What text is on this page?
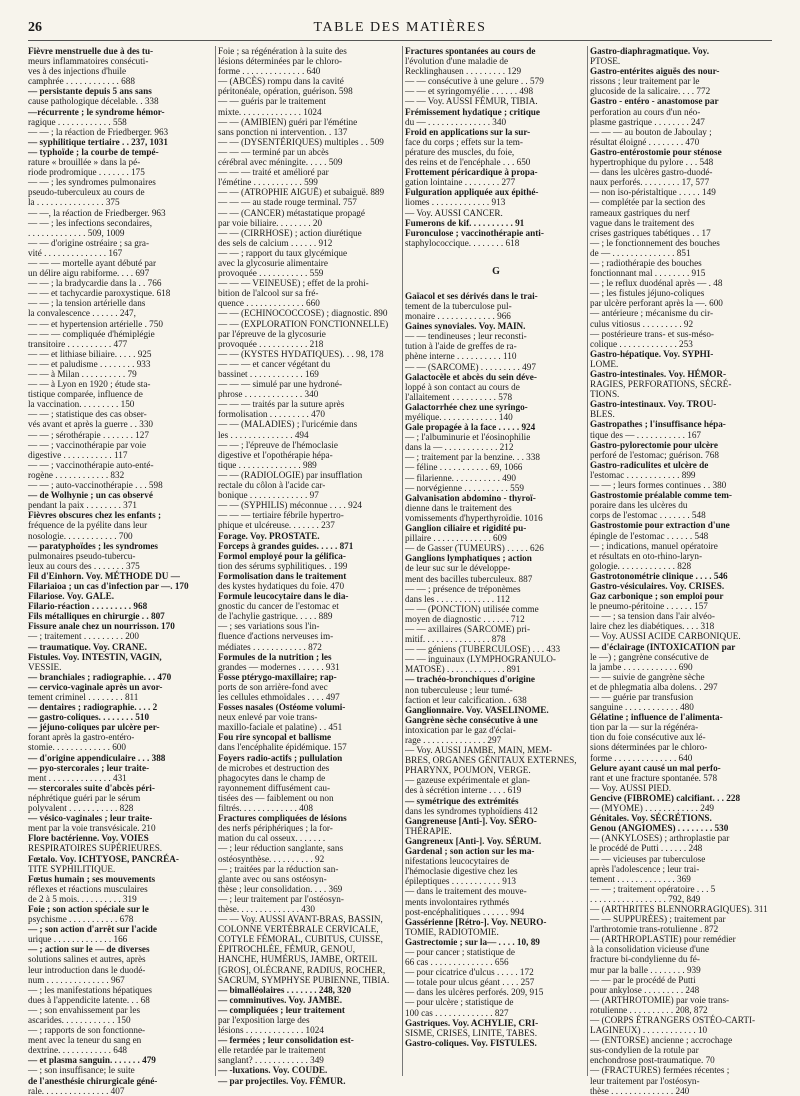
26	TABLE DES MATIÈRES
Fièvre menstruelle due à des tu-
meurs inflammatoires consécuti-
ves à des injections d'huile
camphrée . . . . . . . . . . . . 688
— persistante depuis 5 ans sans
cause pathologique décelable. . 338
—récurrente ; le syndrome hémor-
ragique . . . . . . . . . . . . 558
— — ; la réaction de Friedberger. 963
— syphilitique tertiaire . . 237, 1031
— typhoïde ; la courbe de tempé-
rature « brouillée » dans la pé-
riode prodromique . . . . . . . 175
— — ; les syndromes pulmonaires
pseudo-tuberculeux au cours de
la . . . . . . . . . . . . . . . 375
— —, la réaction de Friedberger. 963
— — ; les infections secondaires,
. . . . . . . . . . . . . 509, 1009
— — d'origine ostréaire ; sa gra-
vité . . . . . . . . . . . . . . 167
— — — mortelle ayant débuté par
un délire aigu rabiforme. . . . 697
— — ; la bradycardie dans la . . 766
— — et tachycardie paroxystique. 618
— — ; la tension artérielle dans
la convalescence . . . . . . 247,
— — et hypertension artérielle . 750
— — — compliquée d'hémiplégie
transitoire . . . . . . . . . . 477
— — et lithiase biliaire. . . . . 925
— — et paludisme . . . . . . . . 933
— — à Milan . . . . . . . . . . 79
— — à Lyon en 1920 ; étude sta-
tistique comparée, influence de
la vaccination. . . . . . . . . 150
— — ; statistique des cas obser-
vés avant et après la guerre . . 330
— — ; sérothérapie . . . . . . . 127
— — ; vaccinothérapie par voie
digestive . . . . . . . . . . . 117
— — ; vaccinothérapie auto-enté-
rogène . . . . . . . . . . . . 832
— — ; auto-vaccinothérapie . . . 598
— de Wolhynie ; un cas observé
pendant la paix . . . . . . . . 371
Fièvres obscures chez les enfants ;
fréquence de la pyélite dans leur
nosologie. . . . . . . . . . . . 700
— paratyphoïdes ; les syndromes
pulmonaires pseudo-tubercu-
leux au cours des . . . . . . . 375
Fil d'Einhorn. Voy. MÉTHODE DU —
Filariaioa ; un cas d'infection par —. 170
Filariose. Voy. GALE.
Filario-réaction . . . . . . . . . 968
Fils métalliques en chirurgie . . 807
Fissure anale chez un nourrisson. 170
— ; traitement . . . . . . . . . 200
— traumatique. Voy. CRANE.
Fistules. Voy. INTESTIN, VAGIN,
VESSIE.
— branchiales ; radiographie. . . 470
— cervico-vaginale après un avor-
tement criminel . . . . . . . . 811
— dentaires ; radiographie. . . . 2
— gastro-coliques. . . . . . . . 510
— jéjuno-coliques par ulcère per-
forant après la gastro-entéro-
stomie. . . . . . . . . . . . . 600
— d'origine appendiculaire . . . 388
— pyo-stercorales ; leur traite-
ment . . . . . . . . . . . . . . 431
— stercorales suite d'abcès péri-
néphrétique guéri par le sérum
polyvalent . . . . . . . . . . . 828
— vésico-vaginales ; leur traite-
ment par la voie transvésicale. 210
Flore bactérienne. Voy. VOIES
RESPIRATOIRES SUPÉRIEURES.
Fœtalo. Voy. ICHTYOSE, PANCRÉA-
TITE SYPHILITIQUE.
Fœtus humain ; ses mouvements
réflexes et réactions musculaires
de 2 à 5 mois. . . . . . . . . . 319
Foie ; son action spéciale sur le
psychisme . . . . . . . . . . . 678
— ; son action d'arrêt sur l'acide
urique . . . . . . . . . . . . . 166
— ; action sur le — de diverses
solutions salines et autres, après
leur introduction dans le duodé-
num . . . . . . . . . . . . . . 967
— ; les manifestations hépatiques
dues à l'appendicite latente. . . 68
— ; son envahissement par les
ascarides. . . . . . . . . . . . 150
— ; rapports de son fonctionne-
ment avec la teneur du sang en
dextrine. . . . . . . . . . . . 648
— et plasma sanguin. . . . . . . 479
— ; son insuffisance; le suite
de l'anesthésie chirurgicale géné-
rale. . . . . . . . . . . . . . . 407
Foie ; sa régénération à la suite des
lésions déterminées par le chloro-
forme . . . . . . . . . . . . . . 640
— (ABCÈS) rompu dans la cavité
péritonéale, opération, guérison. 598
— — guéris par le traitement
mixte. . . . . . . . . . . . . . 1024
— — (AMIBIEN) guéri par l'émétine
sans ponction ni intervention. . 137
— — (DYSENTÉRIQUES) multiples . . 509
— — — terminé par un abcès
cérébral avec méningite. . . . . 509
— — — traité et amélioré par
l'émétine . . . . . . . . . . . 599
— — (ATROPHIE AIGUË) et subaiguë. 889
— — — au stade rouge terminal. 757
— — (CANCER) métastatique propagé
par voie biliaire. . . . . . . . 20
— — (CIRRHOSE) ; action diurétique
des sels de calcium . . . . . . 912
— — ; rapport du taux glycémique
avec la glycosurie alimentaire
provoquée . . . . . . . . . . . 559
— — — VEINEUSE) ; effet de la prohi-
bition de l'alcool sur sa fré-
quence . . . . . . . . . . . . . 660
— — (ECHINOCOCCOSE) ; diagnostic. 890
— — (EXPLORATION FONCTIONNELLE)
par l'épreuve de la glycosurie
provoquée . . . . . . . . . . . 218
— — (KYSTES HYDATIQUES). . . 98, 178
— — — et cancer végétant du
bassinet . . . . . . . . . . . . 169
— — — simulé par une hydroné-
phrose . . . . . . . . . . . . . 340
— — — traités par la suture après
formolisation . . . . . . . . . 470
— — (MALADIES) ; l'uricémie dans
les . . . . . . . . . . . . . . 494
— — ; l'épreuve de l'hémoclasie
digestive et l'opothérapie hépa-
tique . . . . . . . . . . . . . . 989
— — (RADIOLOGIE) par insufflation
rectale du côlon à l'acide car-
bonique . . . . . . . . . . . . . 97
— — (SYPHILIS) méconnue . . . . 924
— — — tertiaire fébrile hypertro-
phique et ulcéreuse. . . . . . . 237
Forage. Voy. PROSTATE.
Forceps à grandes guides. . . . . 871
Formol employé pour la gélifica-
tion des sérums syphilitiques. . 199
Formolisation dans le traitement
des kystes hydatiques du foie. 470
Formule leucocytaire dans le dia-
gnostic du cancer de l'estomac et
de l'achylie gastrique. . . . . 889
— ; ses variations sous l'in-
fluence d'actions nerveuses im-
médiates . . . . . . . . . . . . 872
Formules de la nutrition ; les
grandes — modernes . . . . . . 931
Fosse ptérygo-maxillaire; rap-
ports de son arrière-fond avec
les cellules ethmoïdales . . . . 497
Fosses nasales (Ostéome volumi-
neux enlevé par voie trans-
maxillo-faciale et palatine) . . 451
Fou rire syncopal et ballisme
dans l'encéphalite épidémique. 157
Foyers radio-actifs ; pullulation
de microbes et destruction des
phagocytes dans le champ de
rayonnement diffusément cau-
tisées des — faiblement ou non
filtrés. . . . . . . . . . . . . 408
Fractures compliquées de lésions
des nerfs périphériques ; la for-
mation du cal osseux. . . . . . .
— ; leur réduction sanglante, sans
ostéosynthèse. . . . . . . . . . 92
— ; traitées par la réduction san-
glante avec ou sans ostéosyn-
thèse ; leur consolidation. . . . 369
— ; leur traitement par l'ostéosyn-
thèse. . . . . . . . . . . . . . 430
— — Voy. AUSSI AVANT-BRAS, BASSIN,
COLONNE VERTÉBRALE CERVICALE,
COTYLE FÉMORAL, CUBITUS, CUISSE,
ÉPITROCHLÉE, FÉMUR, GENOU,
HANCHE, HUMÉRUS, JAMBE, ORTEIL
[GROS], OLÉCRANE, RADIUS, ROCHER,
SACRUM, SYMPHYSE PUBIENNE, TIBIA.
— bimalléolaires . . . . . . . 248, 320
— comminutives. Voy. JAMBE.
— compliquées ; leur traitement
par l'exposition large des
lésions . . . . . . . . . . . . . 1024
— fermées ; leur consolidation est-
elle retardée par le traitement
sanglant? . . . . . . . . . . . . 349
— -luxations. Voy. COUDE.
— par projectiles. Voy. FÉMUR.
Fractures spontanées au cours de
l'évolution d'une maladie de
Recklinghausen . . . . . . . . . 129
— — consécutive à une gelure . . 579
— — et syringomyélie . . . . . . 498
— — Voy. AUSSI FÉMUR, TIBIA.
Frémissement hydatique ; critique
du — . . . . . . . . . . . . . . 340
Froid en applications sur la sur-
face du corps ; effets sur la tem-
pérature des muscles, du foie,
des reins et de l'encéphale . . . 650
Frottement péricardique à propa-
gation lointaine . . . . . . . . 277
Fulguration appliquée aux épithé-
liomes . . . . . . . . . . . . . 913
— Voy. AUSSI CANCER.
Fumerons de kif. . . . . . . . . . 91
Furonculose ; vaccinothérapie anti-
staphylococcique. . . . . . . . 618
G
Gaïacol et ses dérivés dans le trai-
tement de la tuberculose pul-
monaire . . . . . . . . . . . . . 966
Gaines synoviales. Voy. MAIN.
— — tendineuses ; leur reconsti-
tution à l'aide de greffes de ra-
phène interne . . . . . . . . . . 110
— — (SARCOME) . . . . . . . . . 497
Galactocèle et abcès du sein déve-
loppé à son contact au cours de
l'allaitement . . . . . . . . . . 578
Galactorrhée chez une syringo-
myélique. . . . . . . . . . . . . 140
Gale propagée à la face . . . . . 924
— ; l'albuminurie et l'éosinophilie
dans la — . . . . . . . . . . . . 212
— ; traitement par la benzine. . . 338
— féline . . . . . . . . . . . 69, 1066
— filarienne. . . . . . . . . . . 490
— norvégienne . . . . . . . . . . 559
Galvanisation abdomino - thyroï-
dienne dans le traitement des
vomissements d'hyperthyroïdie. 1016
Ganglion ciliaire et rigidité pu-
pillaire . . . . . . . . . . . . . 609
— de Gasser (TUMEURS) . . . . . 626
Ganglions lymphatiques ; action
de leur suc sur le développe-
ment des bacilles tuberculeux. 887
— — ; présence de tréponèmes
dans les . . . . . . . . . . . . . 112
— — (PONCTION) utilisée comme
moyen de diagnostic . . . . . . 712
— — axillaires (SARCOME) pri-
mitif. . . . . . . . . . . . . . . 878
— — géniens (TUBERCULOSE) . . . 433
— — inguinaux (LYMPHOGRANULO-
MATOSE) . . . . . . . . . . . . . 891
— trachéo-bronchiques d'origine
non tuberculeuse ; leur tumé-
faction et leur calcification. . 638
Ganglionnaire. Voy. VASELINOME.
Gangrène sèche consécutive à une
intoxication par le gaz d'éclai-
rage . . . . . . . . . . . . . . 297
— Voy. AUSSI JAMBE, MAIN, MEM-
BRES, ORGANES GÉNITAUX EXTERNES,
PHARYNX, POUMON, VERGE.
— gazeuse expérimentale et glan-
des à sécrétion interne . . . . 619
— symétrique des extrémités
dans les syndromes typhoïdiens 412
Gangreneuse [Anti-]. Voy. SÉRO-
THÉRAPIE.
Gangreneux [Anti-]. Voy. SÉRUM.
Gardenal ; son action sur les ma-
nifestations leucocytaires de
l'hémoclasie digestive chez les
épileptiques . . . . . . . . . . . 913
— dans le traitement des mouve-
ments involontaires rythmés
post-encéphalitiques . . . . . . 994
Gassérienne [Rétro-]. Voy. NEURO-
TOMIE, RADIOTOMIE.
Gastrectomie ; sur la— . . . . 10, 89
— pour cancer ; statistique de
66 cas . . . . . . . . . . . . . . 656
— pour cicatrice d'ulcus . . . . . 172
— totale pour ulcus géant . . . . 257
— dans les ulcères perforés. 209, 915
— pour ulcère ; statistique de
100 cas . . . . . . . . . . . . . 827
Gastriques. Voy. ACHYLIE, CRI-
SISME, CRISES, LINITE, TABES.
Gastro-coliques. Voy. FISTULES.
Gastro-diaphragmatique. Voy.
PTOSE.
Gastro-entérites aiguës des nour-
rissons ; leur traitement par le
glucoside de la salicaire. . . . 772
Gastro - entéro - anastomose par
perforation au cours d'un néo-
plasme gastrique . . . . . . . . 247
— — — au bouton de Jaboulay ;
résultat éloigné . . . . . . . . 470
Gastro-entérostomie pour sténose
hypertrophique du pylore . . . 548
— dans les ulcères gastro-duodé-
naux perforés. . . . . . . . . 17, 577
— non iso-péristaltique . . . . . 149
— complétée par la section des
rameaux gastriques du nerf
vague dans le traitement des
crises gastriques tabétiques . . 17
— ; le fonctionnement des bouches
de — . . . . . . . . . . . . . . 851
— ; radiothérapie des bouches
fonctionnant mal . . . . . . . . 915
— ; le reflux duodénal après — . 48
— ; les fistules jéjuno-coliques
par ulcère perforant après la —. 600
— antérieure ; mécanisme du cir-
culus vitiosus . . . . . . . . . 92
— postérieure trans- et sus-méso-
colique . . . . . . . . . . . . . 253
Gastro-hépatique. Voy. SYPHI-
LOME.
Gastro-intestinales. Voy. HÉMOR-
RAGIES, PERFORATIONS, SÉCRÉ-
TIONS.
Gastro-intestinaux. Voy. TROU-
BLES.
Gastropathes ; l'insuffisance hépa-
tique des — . . . . . . . . . . . 167
Gastro-pylorectomie pour ulcère
perforé de l'estomac; guérison. 768
Gastro-radiculites et ulcère de
l'estomac . . . . . . . . . . . . 899
— — ; leurs formes continues . . 380
Gastrostomie préalable comme tem-
poraire dans les ulcères du
corps de l'estomac . . . . . . . 548
Gastrostomie pour extraction d'une
épingle de l'estomac . . . . . . 548
— ; indications, manuel opératoire
et résultats en oto-rhino-laryn-
gologie. . . . . . . . . . . . . 828
Gastrotonométrie clinique . . . . 546
Gastro-vésiculaires. Voy. CRISES.
Gaz carbonique ; son emploi pour
le pneumo-péritoine . . . . . . 157
— — ; sa tension dans l'air alvéo-
laire chez les diabétiques. . . . 318
— Voy. AUSSI ACIDE CARBONIQUE.
— d'éclairage (INTOXICATION par
le —) ; gangrène consécutive de
la jambe . . . . . . . . . . . . 690
— — suivie de gangrène sèche
et de phlegmatia alba dolens. . 297
— — guérie par transfusion
sanguine . . . . . . . . . . . . 480
Gélatine ; influence de l'alimenta-
tion par la — sur la régénéra-
tion du foie consécutive aux lé-
sions déterminées par le chloro-
forme . . . . . . . . . . . . . . 640
Gelure ayant causé un mal perfo-
rant et une fracture spontanée. 578
— Voy. AUSSI PIED.
Gencive (FIBROME) calcifiant. . . 228
— (MYOME) . . . . . . . . . . . . 249
Génitales. Voy. SÉCRÉTIONS.
Genou (ANGIOMES) . . . . . . . . 530
— (ANKYLOSES) ; arthroplastie par
le procédé de Putti . . . . . . 248
— — vicieuses par tuberculose
après l'adolescence ; leur trai-
tement . . . . . . . . . . . . . 369
— — ; traitement opératoire . . . 5
. . . . . . . . . . . . . . . . . 792, 849
— (ARTHRITES BLENNORRAGIQUES). 311
— — SUPPURÉES) ; traitement par
l'arthrotomie trans-rotulienne . 872
— (ARTHROPLASTIE) pour remédier
à la consolidation vicieuse d'une
fracture bi-condylienne du fé-
mur par la balle . . . . . . . . 939
— — par le procédé de Putti
pour ankylose . . . . . . . . . 248
— (ARTHROTOMIE) par voie trans-
rotulienne . . . . . . . . . . 208, 872
— (CORPS ÉTRANGERS OSTÉO-CARTI-
LAGINEUX) . . . . . . . . . . . . 10
— (ENTORSE) ancienne ; accrochage
sus-condylien de la rotule par
enchondrose post-traumatique. 70
— (FRACTURES) fermées récentes ;
leur traitement par l'ostéosyn-
thèse . . . . . . . . . . . . . . 240
